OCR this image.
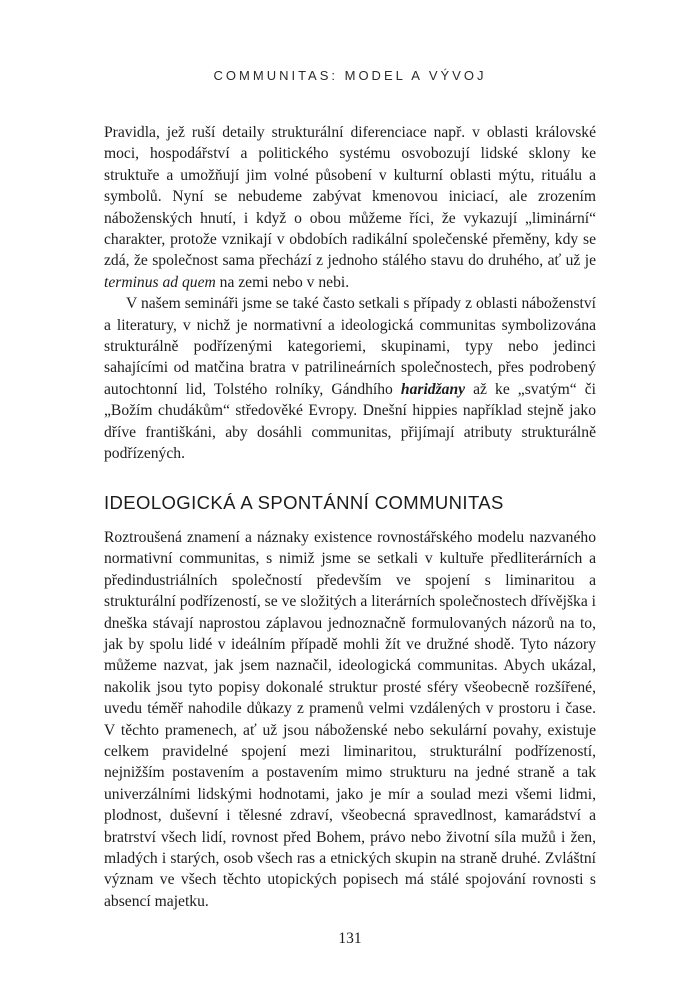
COMMUNITAS: MODEL A VÝVOJ

Pravidla, jež ruší detaily strukturální diferenciace např. v oblasti královské moci, hospodářství a politického systému osvobozují lidské sklony ke struktuře a umožňují jim volné působení v kulturní oblasti mýtu, rituálu a symbolů. Nyní se nebudeme zabývat kmenovou iniciací, ale zrozením náboženských hnutí, i když o obou můžeme říci, že vykazují „liminární“ charakter, protože vznikají v obdobích radikální společenské přeměny, kdy se zdá, že společnost sama přechází z jednoho stálého stavu do druhého, ať už je terminus ad quem na zemi nebo v nebi.

V našem semináři jsme se také často setkali s případy z oblasti náboženství a literatury, v nichž je normativní a ideologická communitas symbolizována strukturálně podřízenými kategoriemi, skupinami, typy nebo jedinci sahajícími od matčina bratra v patrilineárních společnostech, přes podrobený autochtonní lid, Tolstého rolníky, Gándhího haridžany až ke „svatým“ či „Božím chudákům“ středověké Evropy. Dnešní hippies například stejně jako dříve františkáni, aby dosáhli communitas, přijímají atributy strukturálně podřízených.

IDEOLOGICKÁ A SPONTÁNNÍ COMMUNITAS

Roztroušená znamení a náznaky existence rovnostářského modelu nazvaného normativní communitas, s nimiž jsme se setkali v kultuře předliterárních a předindustriálních společností především ve spojení s liminaritou a strukturální podřízeností, se ve složitých a literárních společnostech dřívějška i dneška stávají naprostou záplavou jednoznačně formulovaných názorů na to, jak by spolu lidé v ideálním případě mohli žít ve družné shodě. Tyto názory můžeme nazvat, jak jsem naznačil, ideologická communitas. Abych ukázal, nakolik jsou tyto popisy dokonalé struktur prosté sféry všeobecně rozšířené, uvedu téměř nahodile důkazy z pramenů velmi vzdálených v prostoru i čase. V těchto pramenech, ať už jsou náboženské nebo sekulární povahy, existuje celkem pravidelné spojení mezi liminaritou, strukturální podřízeností, nejnižším postavením a postavením mimo strukturu na jedné straně a tak univerzálními lidskými hodnotami, jako je mír a soulad mezi všemi lidmi, plodnost, duševní i tělesné zdraví, všeobecná spravedlnost, kamarádství a bratrství všech lidí, rovnost před Bohem, právo nebo životní síla mužů i žen, mladých i starých, osob všech ras a etnických skupin na straně druhé. Zvláštní význam ve všech těchto utopických popisech má stálé spojování rovnosti s absencí majetku.

131
